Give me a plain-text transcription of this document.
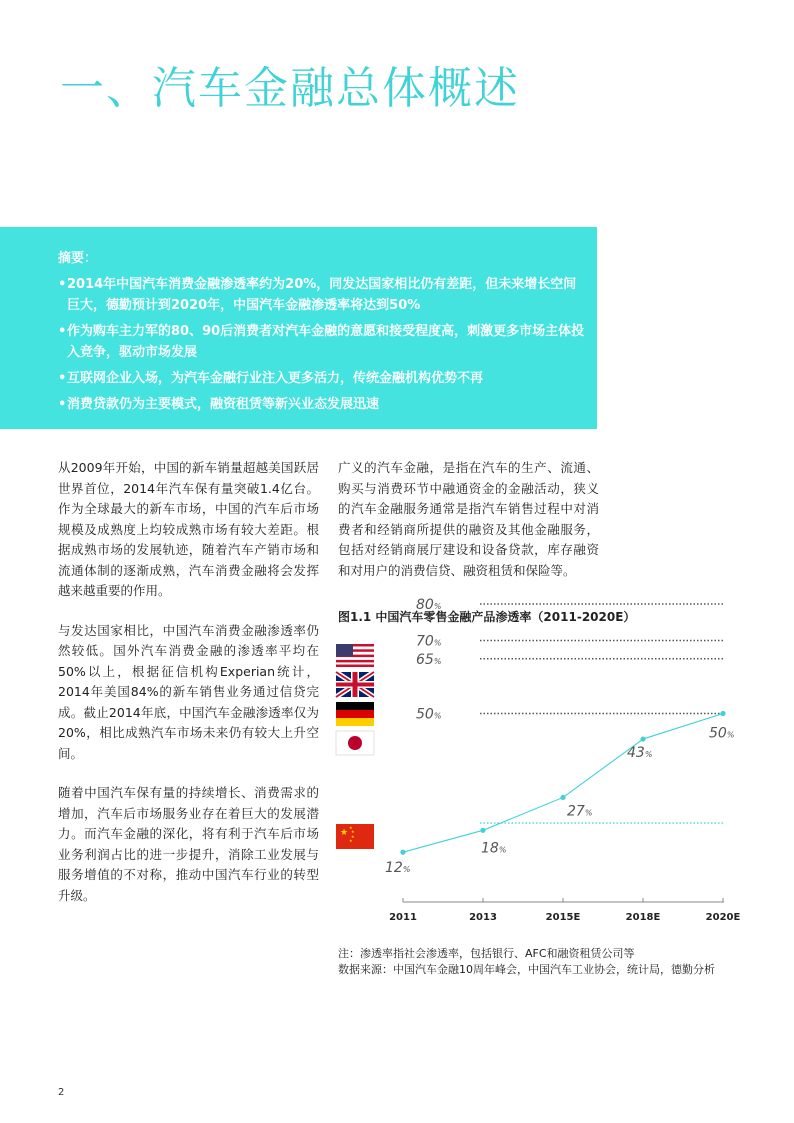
一、汽车金融总体概述
摘要：
• 2014年中国汽车消费金融渗透率约为20%，同发达国家相比仍有差距，但未来增长空间巨大，德勤预计到2020年，中国汽车金融渗透率将达到50%
• 作为购车主力军的80、90后消费者对汽车金融的意愿和接受程度高，刺激更多市场主体投入竞争，驱动市场发展
• 互联网企业入场，为汽车金融行业注入更多活力，传统金融机构优势不再
• 消费贷款仍为主要模式，融资租赁等新兴业态发展迅速

从2009年开始，中国的新车销量超越美国跃居世界首位，2014年汽车保有量突破1.4亿台。作为全球最大的新车市场，中国的汽车后市场规模及成熟度上均较成熟市场有较大差距。根据成熟市场的发展轨迹，随着汽车产销市场和流通体制的逐渐成熟，汽车消费金融将会发挥越来越重要的作用。

与发达国家相比，中国汽车消费金融渗透率仍然较低。国外汽车消费金融的渗透率平均在50%以上，根据征信机构Experian统计，2014年美国84%的新车销售业务通过信贷完成。截止2014年底，中国汽车金融渗透率仅为20%，相比成熟汽车市场未来仍有较大上升空间。

随着中国汽车保有量的持续增长、消费需求的增加，汽车后市场服务业存在着巨大的发展潜力。而汽车金融的深化，将有利于汽车后市场业务利润占比的进一步提升，消除工业发展与服务增值的不对称，推动中国汽车行业的转型升级。

广义的汽车金融，是指在汽车的生产、流通、购买与消费环节中融通资金的金融活动，狭义的汽车金融服务通常是指汽车销售过程中对消费者和经销商所提供的融资及其他金融服务，包括对经销商展厅建设和设备贷款，库存融资和对用户的消费信贷、融资租赁和保险等。

图1.1 中国汽车零售金融产品渗透率（2011-2020E）
★
★
★
★
★
80%
70%
65%
50%
12%
18%
27%
43%
50%
2011	2013	2015E	2018E	2020E
注：渗透率指社会渗透率，包括银行、AFC和融资租赁公司等
数据来源：中国汽车金融10周年峰会，中国汽车工业协会，统计局，德勤分析
2
